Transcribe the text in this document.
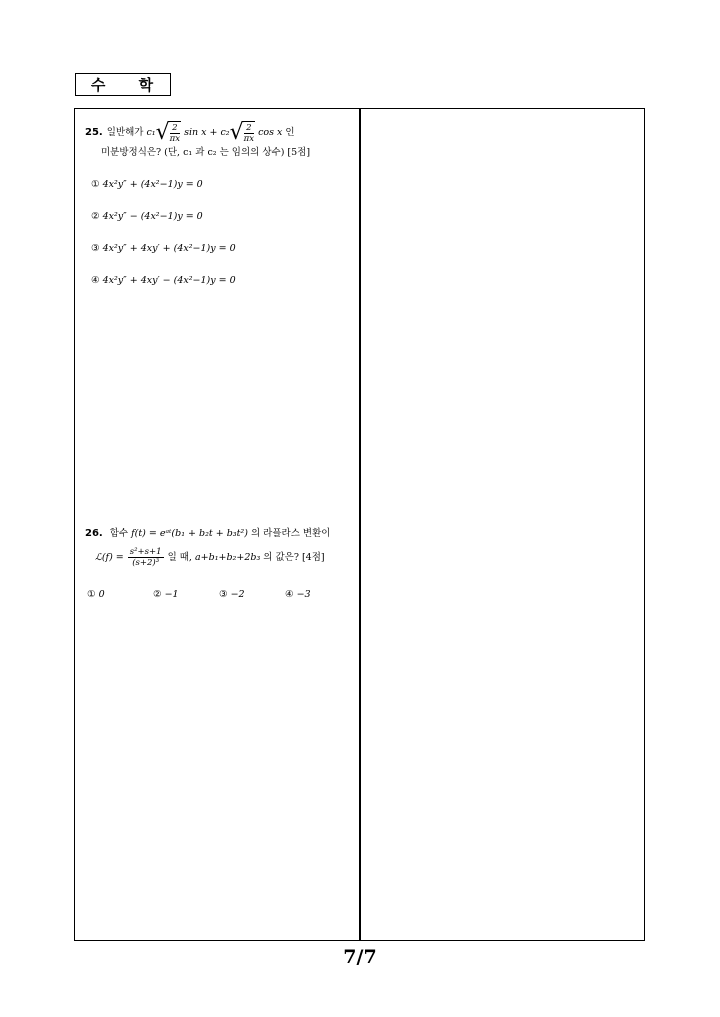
수 학
25. 일반해가
c₁ √ $\frac{2}{\pi x}$
sin x +
c₂ √ $\frac{2}{\pi x}$
cos x
인
미분방정식은? (단, c₁ 과 c₂ 는 임의의 상수) [5점]
① 4x²y″ + (4x²−1)y = 0
② 4x²y″ − (4x²−1)y = 0
③ 4x²y″ + 4xy′ + (4x²−1)y = 0
④ 4x²y″ + 4xy′ − (4x²−1)y = 0
26. 함수 f(t) = eᵃᵗ(b₁ + b₂t + b₃t²) 의 라플라스 변환이
ℒ(f) = $\frac{\text{s²+s+1}}{\text{(s+2)³}}$ 일 때,
a+b₁+b₂+2b₃
의 값은? [4점]
① 0	② −1	③ −2	④ −3
7/7
